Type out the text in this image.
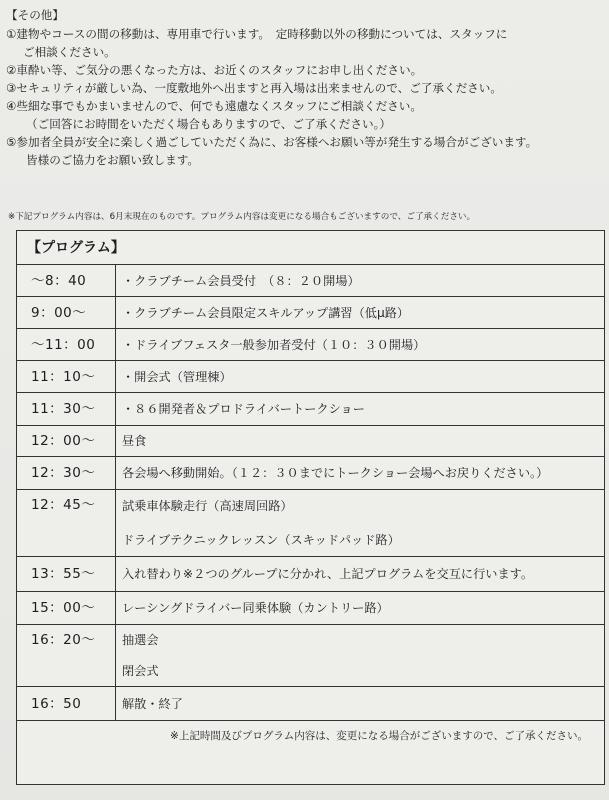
【その他】
①建物やコースの間の移動は、専用車で行います。　定時移動以外の移動については、スタッフに
ご相談ください。
②車酔い等、ご気分の悪くなった方は、お近くのスタッフにお申し出ください。
③セキュリティが厳しい為、一度敷地外へ出ますと再入場は出来ませんので、ご了承ください。
④些細な事でもかまいませんので、何でも遠慮なくスタッフにご相談ください。
（ご回答にお時間をいただく場合もありますので、ご了承ください。）
⑤参加者全員が安全に楽しく過ごしていただく為に、お客様へお願い等が発生する場合がございます。
皆様のご協力をお願い致します。
※下記プログラム内容は、6月末現在のものです。プログラム内容は変更になる場合もございますので、ご了承ください。
【プログラム】
～8：40	・クラブチーム会員受付　（８：２０開場）
9：00～	・クラブチーム会員限定スキルアップ講習（低μ路）
～11：00	・ドライブフェスタ一般参加者受付（１０：３０開場）
11：10～	・開会式（管理棟）
11：30～	・８６開発者＆プロドライバートークショー
12：00～	昼食
12：30～	各会場へ移動開始。（１２：３０までにトークショー会場へお戻りください。）
12：45～	試乗車体験走行（高速周回路）
ドライブテクニックレッスン（スキッドパッド路）
13：55～	入れ替わり※２つのグループに分かれ、上記プログラムを交互に行います。
15：00～	レーシングドライバー同乗体験（カントリー路）
16：20～	抽選会
閉会式
16：50	解散・終了
※上記時間及びプログラム内容は、変更になる場合がございますので、ご了承ください。
